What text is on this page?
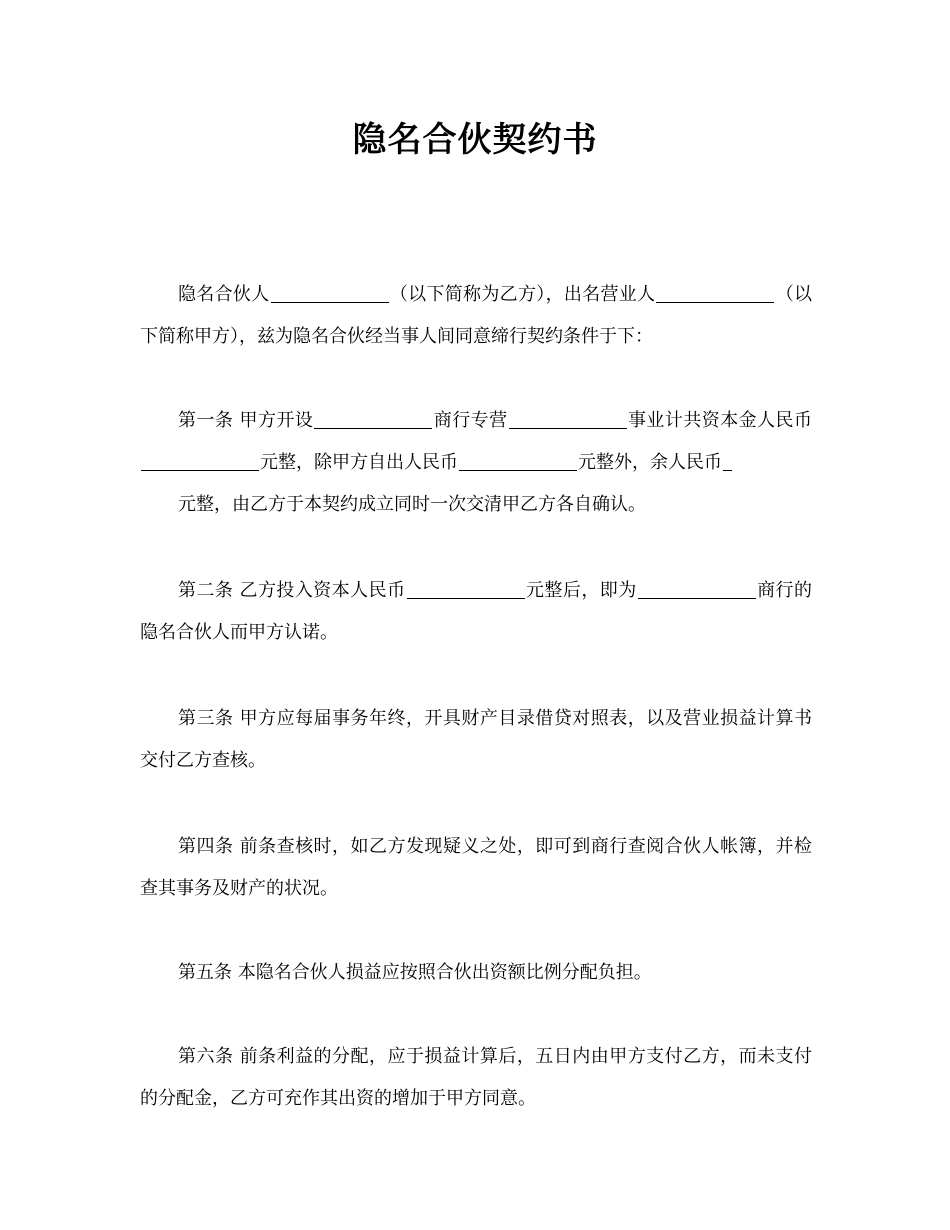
隐名合伙契约书

隐名合伙人	（以下简称为乙方），出名营业人	（以下简称甲方），兹为隐名合伙经当事人间同意缔行契约条件于下：

第一条 甲方开设	商行专营	事业计共资本金人民币元整，除甲方自出人民币	元整外，余人民币
元整，由乙方于本契约成立同时一次交清甲乙方各自确认。

第二条 乙方投入资本人民币	元整后，即为	商行的隐名合伙人而甲方认诺。

第三条 甲方应每届事务年终，开具财产目录借贷对照表，以及营业损益计算书交付乙方查核。

第四条 前条查核时，如乙方发现疑义之处，即可到商行查阅合伙人帐簿，并检查其事务及财产的状况。

第五条 本隐名合伙人损益应按照合伙出资额比例分配负担。

第六条 前条利益的分配，应于损益计算后，五日内由甲方支付乙方，而未支付的分配金，乙方可充作其出资的增加于甲方同意。
